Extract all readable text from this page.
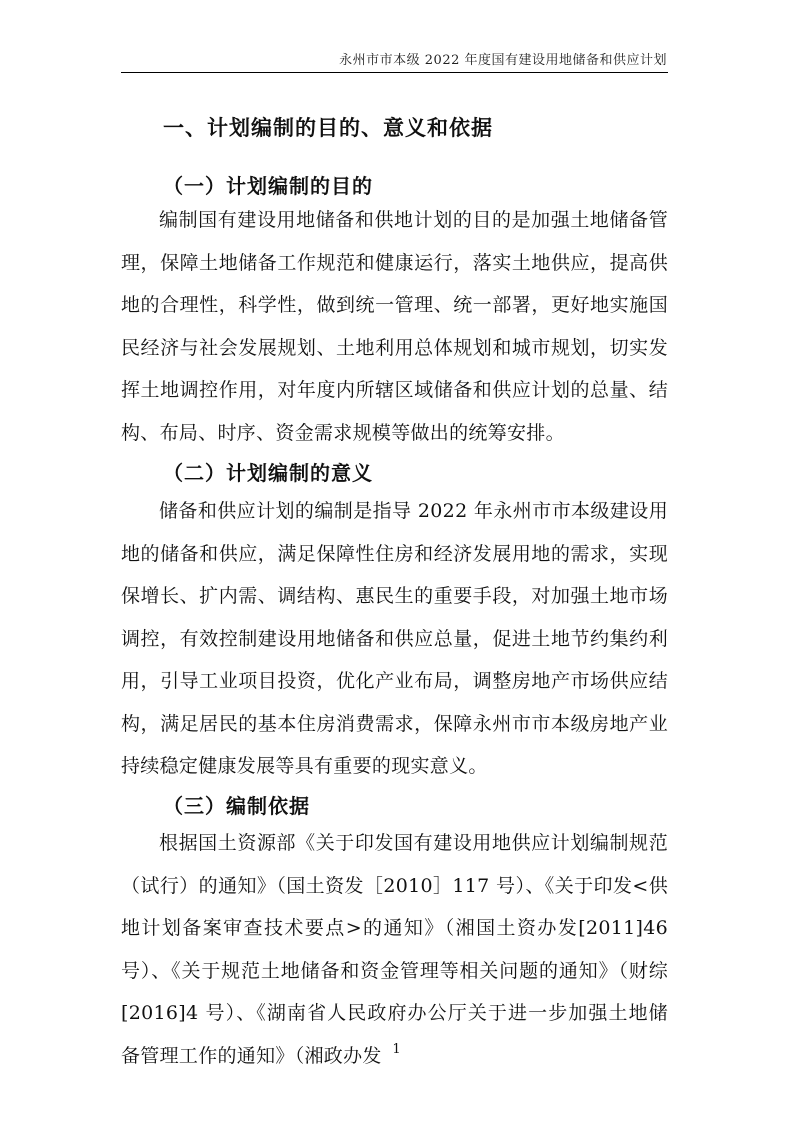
永州市市本级 2022 年度国有建设用地储备和供应计划
一、计划编制的目的、意义和依据
（一）计划编制的目的

编制国有建设用地储备和供地计划的目的是加强土地储备管理，保障土地储备工作规范和健康运行，落实土地供应，提高供地的合理性，科学性，做到统一管理、统一部署，更好地实施国民经济与社会发展规划、土地利用总体规划和城市规划，切实发挥土地调控作用，对年度内所辖区域储备和供应计划的总量、结构、布局、时序、资金需求规模等做出的统筹安排。

（二）计划编制的意义

储备和供应计划的编制是指导 2022 年永州市市本级建设用地的储备和供应，满足保障性住房和经济发展用地的需求，实现保增长、扩内需、调结构、惠民生的重要手段，对加强土地市场调控，有效控制建设用地储备和供应总量，促进土地节约集约利用，引导工业项目投资，优化产业布局，调整房地产市场供应结构，满足居民的基本住房消费需求，保障永州市市本级房地产业持续稳定健康发展等具有重要的现实意义。

（三）编制依据

根据国土资源部《关于印发国有建设用地供应计划编制规范（试行）的通知》（国土资发［2010］117 号）、《关于印发<供地计划备案审查技术要点>的通知》（湘国土资办发[2011]46 号）、《关于规范土地储备和资金管理等相关问题的通知》（财综[2016]4 号）、《湖南省人民政府办公厅关于进一步加强土地储备管理工作的通知》（湘政办发 1
